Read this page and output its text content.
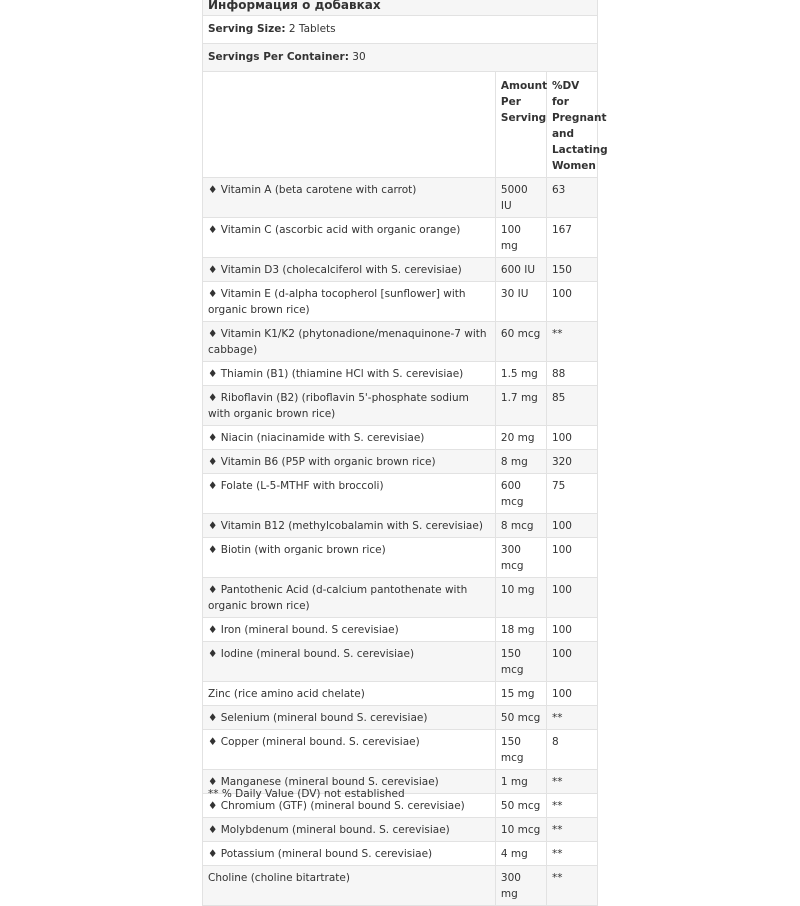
Информация о добавках		
Serving Size: 2 Tablets		
Servings Per Container: 30		
	Amount Per Serving	%DV for Pregnant and Lactating Women
♦ Vitamin A (beta carotene with carrot)	5000 IU	63
♦ Vitamin C (ascorbic acid with organic orange)	100 mg	167
♦ Vitamin D3 (cholecalciferol with S. cerevisiae)	600 IU	150
♦ Vitamin E (d-alpha tocopherol [sunflower] with organic brown rice)	30 IU	100
♦ Vitamin K1/K2 (phytonadione/menaquinone-7 with cabbage)	60 mcg	**
♦ Thiamin (B1) (thiamine HCl with S. cerevisiae)	1.5 mg	88
♦ Riboflavin (B2) (riboflavin 5'-phosphate sodium with organic brown rice)	1.7 mg	85
♦ Niacin (niacinamide with S. cerevisiae)	20 mg	100
♦ Vitamin B6 (P5P with organic brown rice)	8 mg	320
♦ Folate (L-5-MTHF with broccoli)	600 mcg	75
♦ Vitamin B12 (methylcobalamin with S. cerevisiae)	8 mcg	100
♦ Biotin (with organic brown rice)	300 mcg	100
♦ Pantothenic Acid (d-calcium pantothenate with organic brown rice)	10 mg	100
♦ Iron (mineral bound. S cerevisiae)	18 mg	100
♦ Iodine (mineral bound. S. cerevisiae)	150 mcg	100
Zinc (rice amino acid chelate)	15 mg	100
♦ Selenium (mineral bound S. cerevisiae)	50 mcg	**
♦ Copper (mineral bound. S. cerevisiae)	150 mcg	8
♦ Manganese (mineral bound S. cerevisiae)	1 mg	**
♦ Chromium (GTF) (mineral bound S. cerevisiae)	50 mcg	**
♦ Molybdenum (mineral bound. S. cerevisiae)	10 mcg	**
♦ Potassium (mineral bound S. cerevisiae)	4 mg	**
Choline (choline bitartrate)	300 mg	**
** % Daily Value (DV) not established
